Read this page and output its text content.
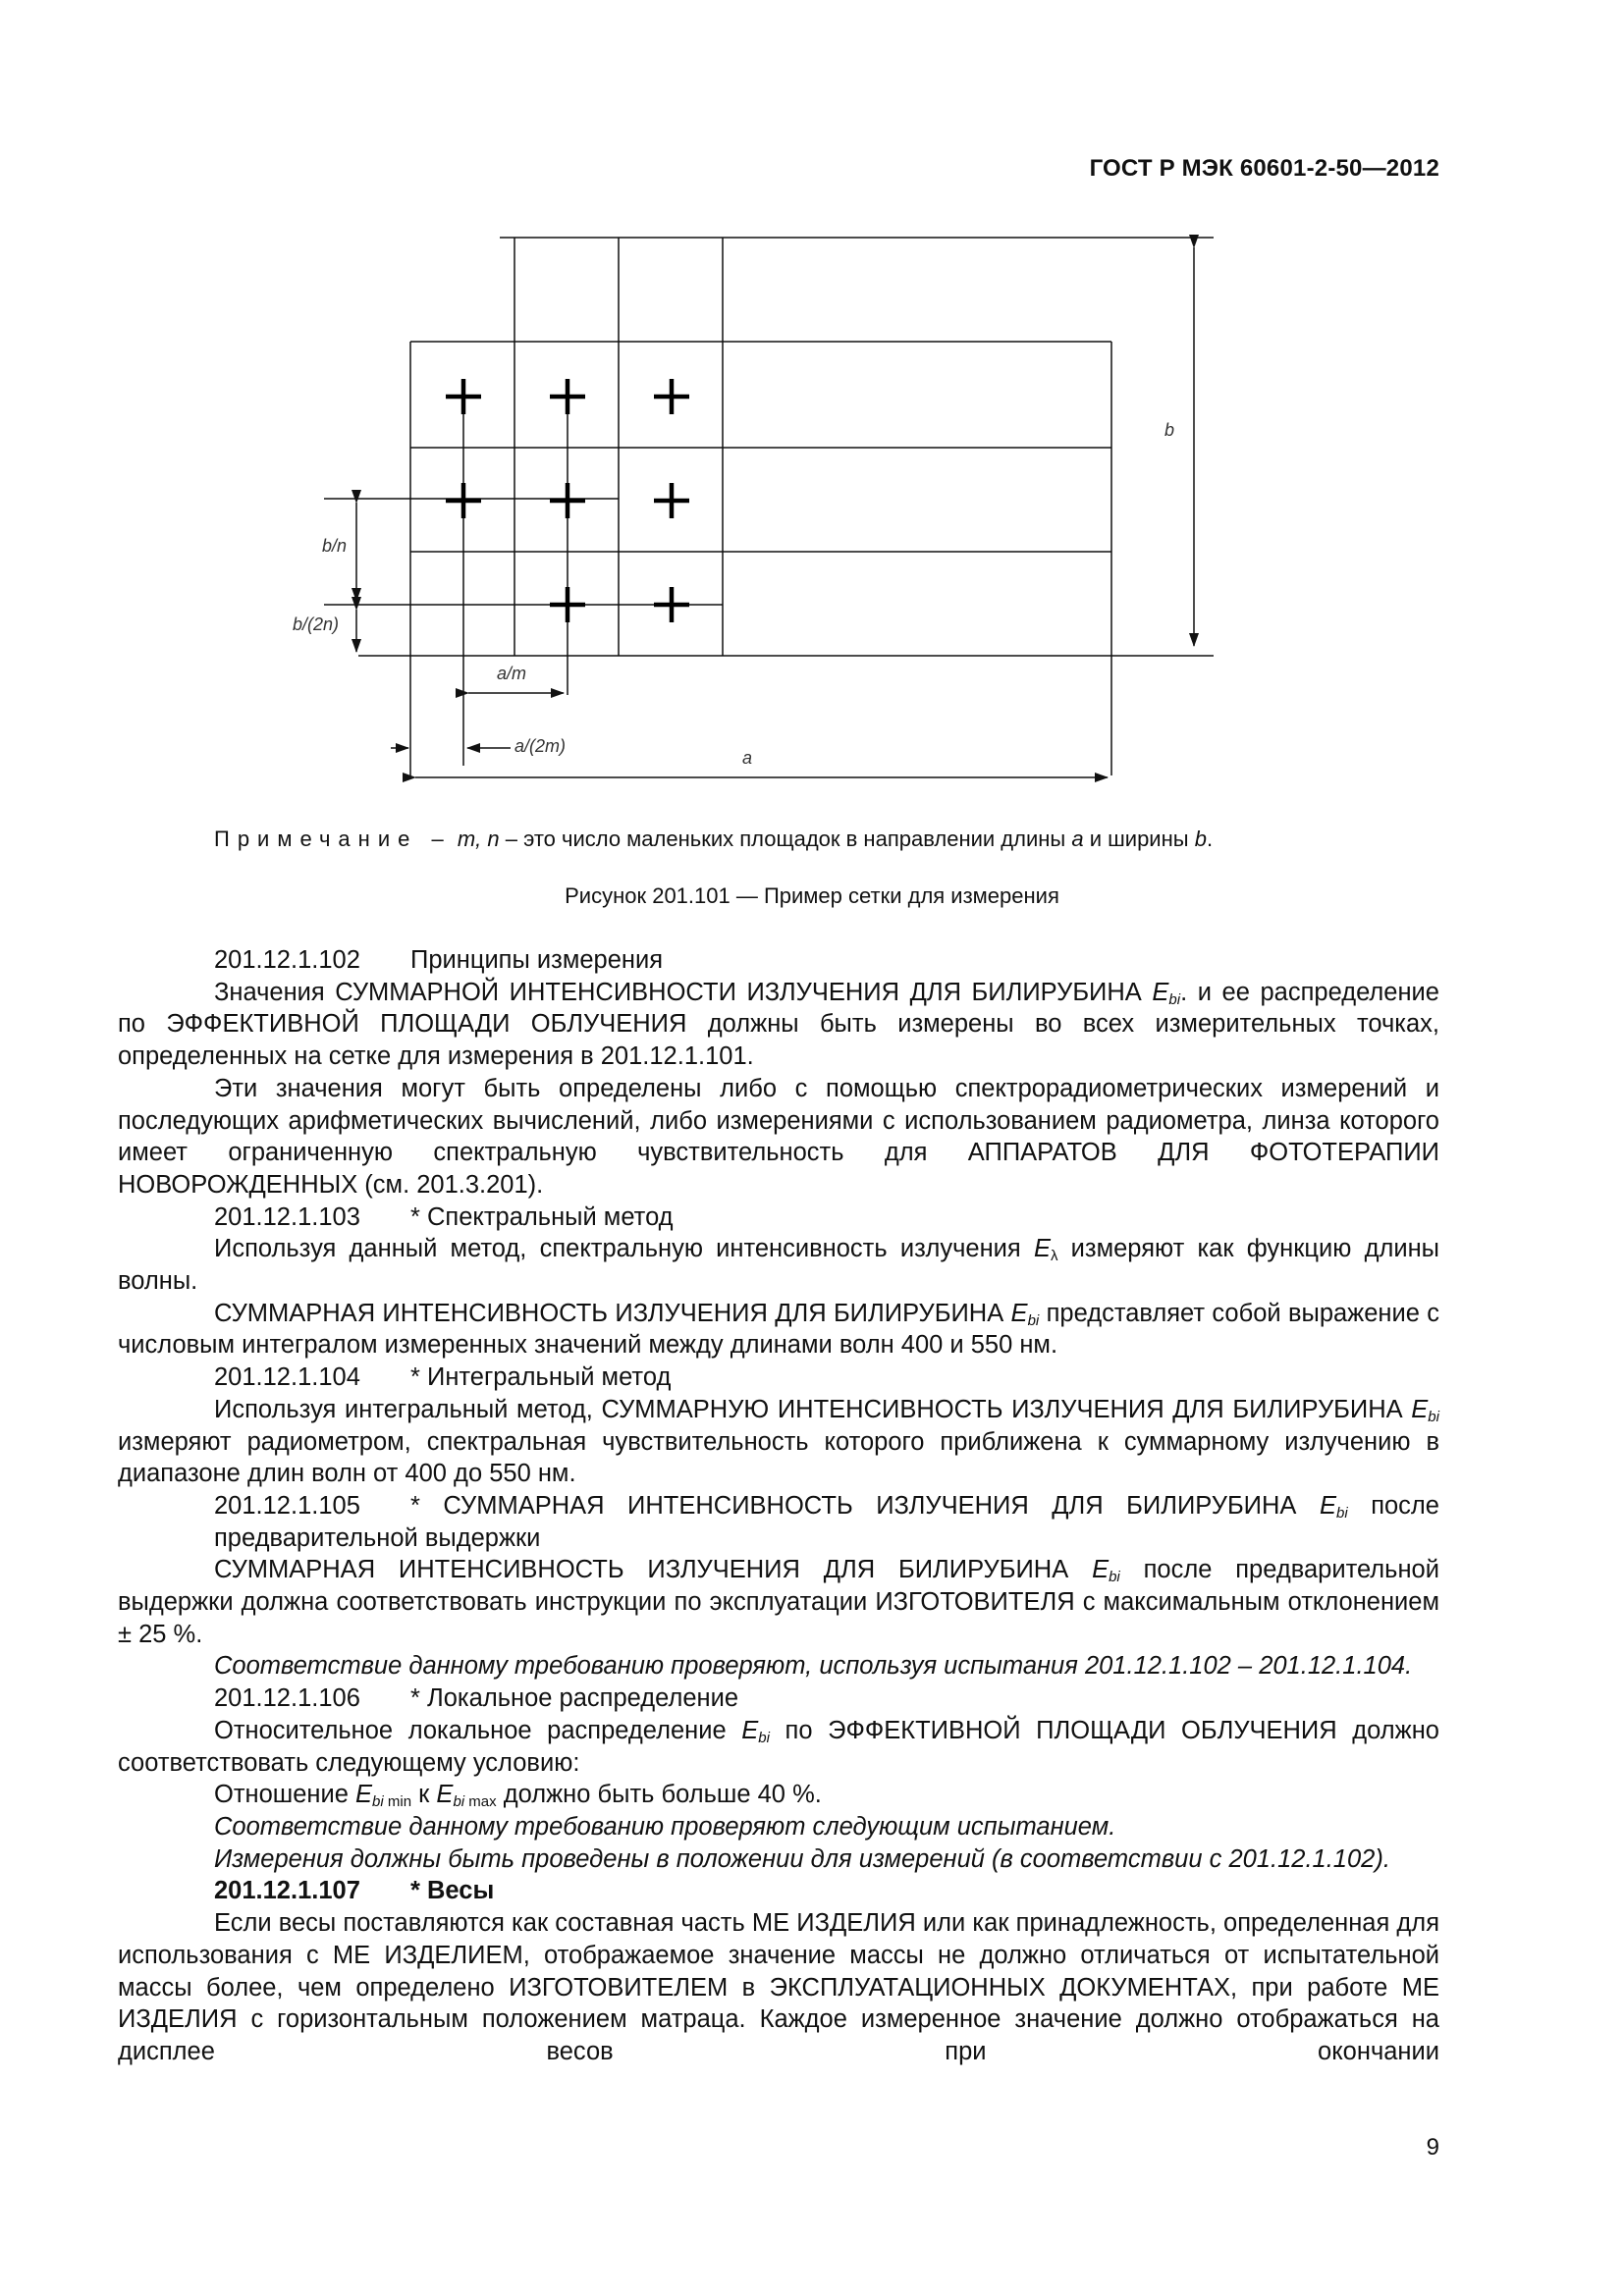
ГОСТ Р МЭК 60601-2-50—2012
b
b/n
b/(2n)
a/m
a/(2m)
a
Примечание – m, n – это число маленьких площадок в направлении длины a и ширины b.
Рисунок 201.101 — Пример сетки для измерения

201.12.1.102 Принципы измерения

Значения СУММАРНОЙ ИНТЕНСИВНОСТИ ИЗЛУЧЕНИЯ ДЛЯ БИЛИРУБИНА $E_{bi}$. и ее распределение по ЭФФЕКТИВНОЙ ПЛОЩАДИ ОБЛУЧЕНИЯ должны быть измерены во всех измерительных точках, определенных на сетке для измерения в 201.12.1.101.

Эти значения могут быть определены либо с помощью спектрорадиометрических измерений и последующих арифметических вычислений, либо измерениями с использованием радиометра, линза которого имеет ограниченную спектральную чувствительность для АППАРАТОВ ДЛЯ ФОТОТЕРАПИИ НОВОРОЖДЕННЫХ (см. 201.3.201).

201.12.1.103 * Спектральный метод

Используя данный метод, спектральную интенсивность излучения $E_\lambda$ измеряют как функцию длины волны.

СУММАРНАЯ ИНТЕНСИВНОСТЬ ИЗЛУЧЕНИЯ ДЛЯ БИЛИРУБИНА $E_{bi}$ представляет собой выражение с числовым интегралом измеренных значений между длинами волн 400 и 550 нм.

201.12.1.104 * Интегральный метод

Используя интегральный метод, СУММАРНУЮ ИНТЕНСИВНОСТЬ ИЗЛУЧЕНИЯ ДЛЯ БИЛИРУБИНА $E_{bi}$ измеряют радиометром, спектральная чувствительность которого приближена к суммарному излучению в диапазоне длин волн от 400 до 550 нм.

201.12.1.105 * СУММАРНАЯ ИНТЕНСИВНОСТЬ ИЗЛУЧЕНИЯ ДЛЯ БИЛИРУБИНА $E_{bi}$ после предварительной выдержки

СУММАРНАЯ ИНТЕНСИВНОСТЬ ИЗЛУЧЕНИЯ ДЛЯ БИЛИРУБИНА $E_{bi}$ после предварительной выдержки должна соответствовать инструкции по эксплуатации ИЗГОТОВИТЕЛЯ с максимальным отклонением ± 25 %.

Соответствие данному требованию проверяют, используя испытания 201.12.1.102 – 201.12.1.104.

201.12.1.106 * Локальное распределение

Относительное локальное распределение $E_{bi}$ по ЭФФЕКТИВНОЙ ПЛОЩАДИ ОБЛУЧЕНИЯ должно соответствовать следующему условию:

Отношение $E_{bi min}$ к $E_{bi max}$ должно быть больше 40 %.

Соответствие данному требованию проверяют следующим испытанием.

Измерения должны быть проведены в положении для измерений (в соответствии с 201.12.1.102).

201.12.1.107 * Весы

Если весы поставляются как составная часть МЕ ИЗДЕЛИЯ или как принадлежность, определенная для использования с МЕ ИЗДЕЛИЕМ, отображаемое значение массы не должно отличаться от испытательной массы более, чем определено ИЗГОТОВИТЕЛЕМ в ЭКСПЛУАТАЦИОННЫХ ДОКУМЕНТАХ, при работе МЕ ИЗДЕЛИЯ с горизонтальным положением матраца. Каждое измеренное значение должно отображаться на дисплее весов при окончании

9
